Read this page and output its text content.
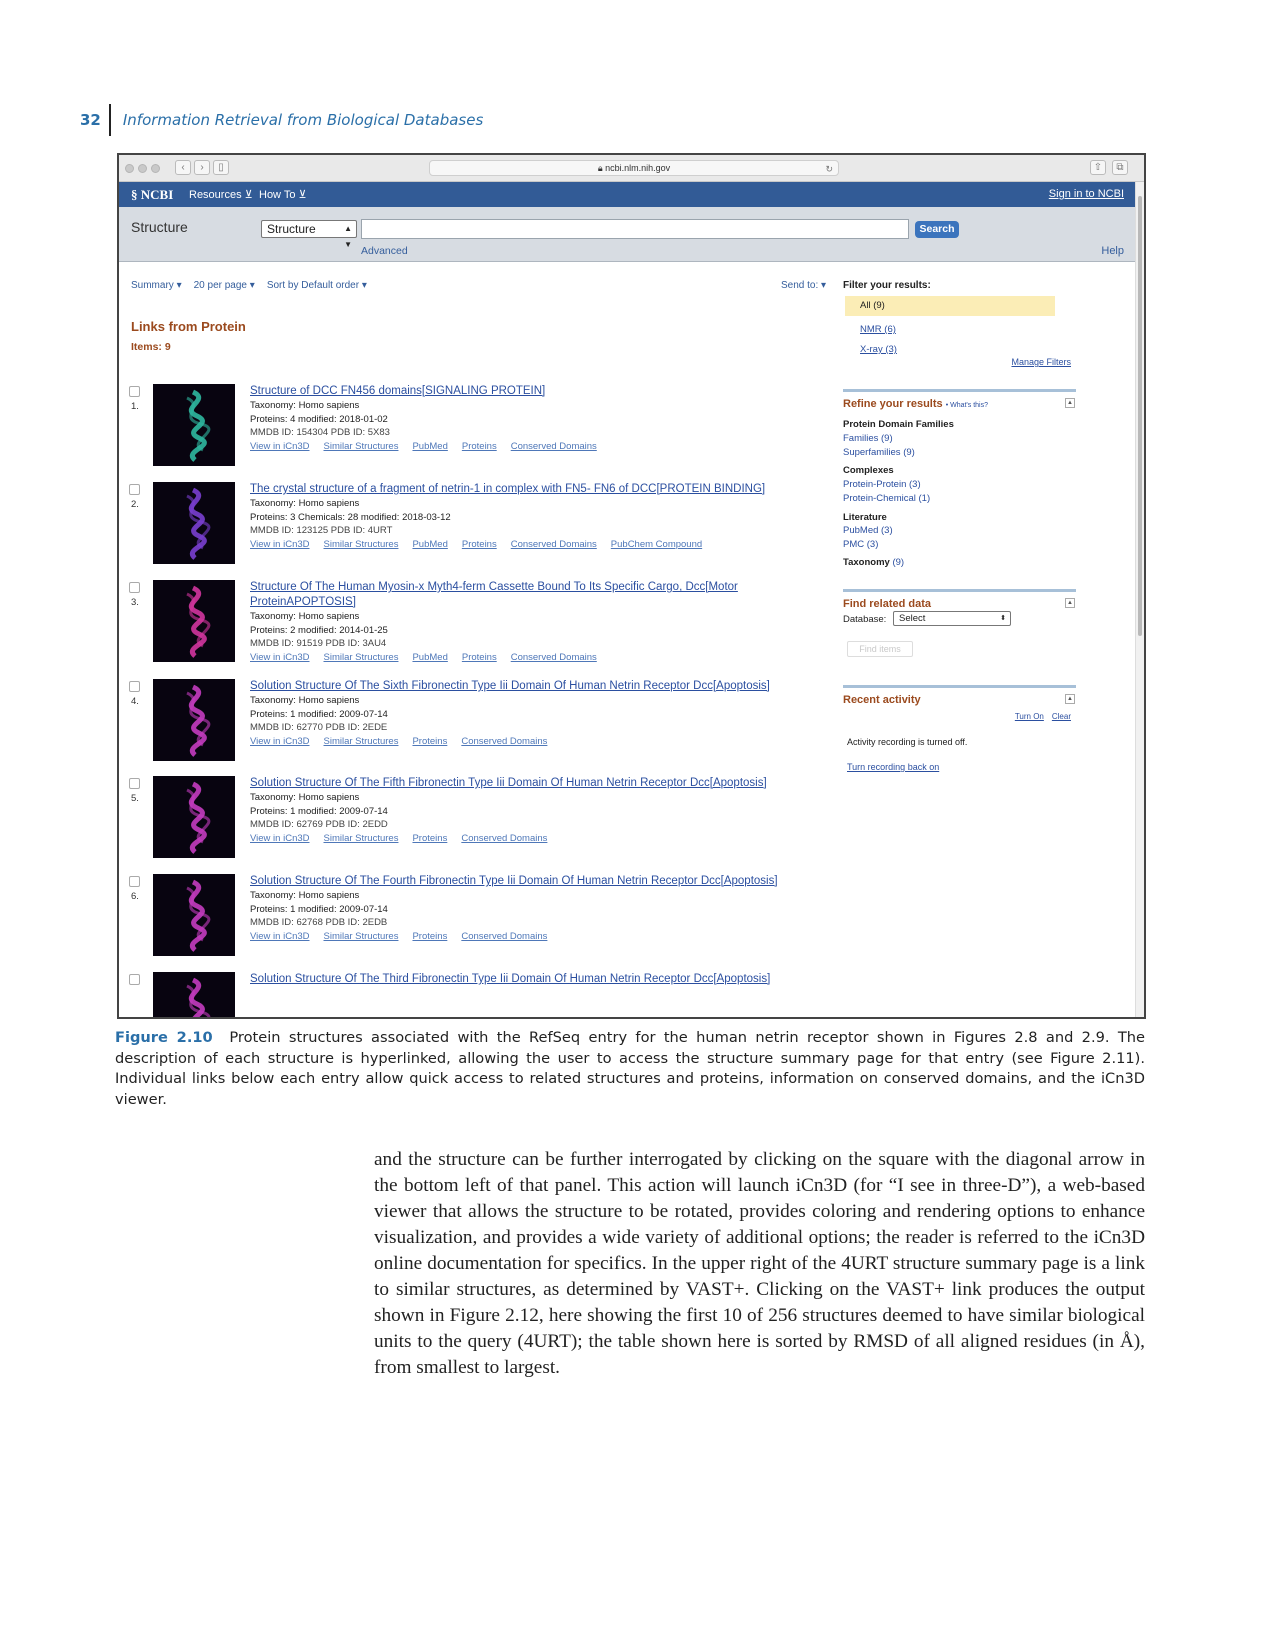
32 Information Retrieval from Biological Databases
‹	›	▯	🔒︎ ncbi.nlm.nih.gov	↻	⇧	⧉
§ NCBI Resources ⊻ How To ⊻	Sign in to NCBI
Structure	Structure	▲
▼
Search
Advanced	Help
Summary ▾ 20 per page ▾ Sort by Default order ▾	Send to: ▾
Links from Protein
Items: 9
1.
Structure of DCC FN456 domains[SIGNALING PROTEIN]
Taxonomy: Homo sapiens
Proteins: 4 modified: 2018-01-02
MMDB ID: 154304 PDB ID: 5X83
View in iCn3D Similar Structures PubMed Proteins Conserved Domains
2.
The crystal structure of a fragment of netrin-1 in complex with FN5- FN6 of DCC[PROTEIN BINDING]
Taxonomy: Homo sapiens
Proteins: 3 Chemicals: 28 modified: 2018-03-12
MMDB ID: 123125 PDB ID: 4URT
View in iCn3D Similar Structures PubMed Proteins Conserved Domains PubChem Compound
3.
Structure Of The Human Myosin-x Myth4-ferm Cassette Bound To Its Specific Cargo, Dcc[Motor ProteinAPOPTOSIS]
Taxonomy: Homo sapiens
Proteins: 2 modified: 2014-01-25
MMDB ID: 91519 PDB ID: 3AU4
View in iCn3D Similar Structures PubMed Proteins Conserved Domains
4.
Solution Structure Of The Sixth Fibronectin Type Iii Domain Of Human Netrin Receptor Dcc[Apoptosis]
Taxonomy: Homo sapiens
Proteins: 1 modified: 2009-07-14
MMDB ID: 62770 PDB ID: 2EDE
View in iCn3D Similar Structures Proteins Conserved Domains
5.
Solution Structure Of The Fifth Fibronectin Type Iii Domain Of Human Netrin Receptor Dcc[Apoptosis]
Taxonomy: Homo sapiens
Proteins: 1 modified: 2009-07-14
MMDB ID: 62769 PDB ID: 2EDD
View in iCn3D Similar Structures Proteins Conserved Domains
6.
Solution Structure Of The Fourth Fibronectin Type Iii Domain Of Human Netrin Receptor Dcc[Apoptosis]
Taxonomy: Homo sapiens
Proteins: 1 modified: 2009-07-14
MMDB ID: 62768 PDB ID: 2EDB
View in iCn3D Similar Structures Proteins Conserved Domains
Solution Structure Of The Third Fibronectin Type Iii Domain Of Human Netrin Receptor Dcc[Apoptosis]
Filter your results:
All (9)
NMR (6)
X-ray (3)
Manage Filters
Refine your results • What's this?	▲
Protein Domain Families
Families (9)
Superfamilies (9)
Complexes
Protein-Protein (3)
Protein-Chemical (1)
Literature
PubMed (3)
PMC (3)
Taxonomy (9)
Find related data	▲
Database:	Select	⬍
Find items
Recent activity	▲
Turn On Clear
Activity recording is turned off.
Turn recording back on
Figure 2.10 Protein structures associated with the RefSeq entry for the human netrin receptor shown in Figures 2.8 and 2.9. The description of each structure is hyperlinked, allowing the user to access the structure summary page for that entry (see Figure 2.11). Individual links below each entry allow quick access to related structures and proteins, information on conserved domains, and the iCn3D viewer.
and the structure can be further interrogated by clicking on the square with the diagonal arrow in the bottom left of that panel. This action will launch iCn3D (for “I see in three-D”), a web-based viewer that allows the structure to be rotated, provides coloring and rendering options to enhance visualization, and provides a wide variety of additional options; the reader is referred to the iCn3D online documentation for specifics. In the upper right of the 4URT structure summary page is a link to similar structures, as determined by VAST+. Clicking on the VAST+ link produces the output shown in Figure 2.12, here showing the first 10 of 256 structures deemed to have similar biological units to the query (4URT); the table shown here is sorted by RMSD of all aligned residues (in Å), from smallest to largest.
